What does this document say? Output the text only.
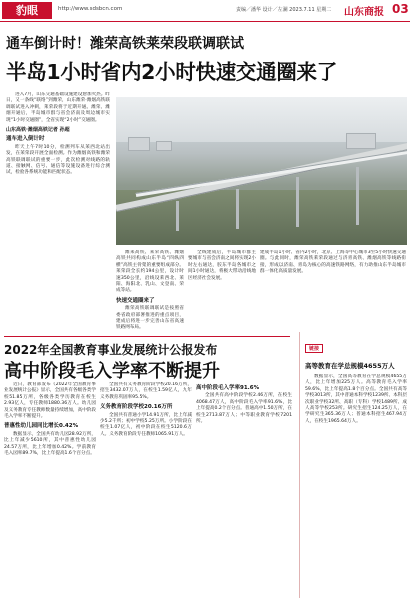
豹眼	http://www.sdsbcn.com	责编／潘华 设计／左澜 2023.7.11 星期二 山东商报 03
通车倒计时！潍荣高铁莱荣段联调联试
半岛1小时省内2小时快速交通圈来了

进入7月，山东交通基础设施建设愈加火热。昨日，又一条线“联络”到潍荣，山东潍荣·潍烟高铁联调联试进入冲刺，莱荣段将于近期开通。潍荣、潍烟开通后，半岛城市群与省会济南及周边城市实现“1小时交通圈”，全省实现“2小时”交通圈。

山东高铁·潍烟高铁记者 孙超

通车进入倒计时

昨天上午7时10分，检测列车从莱西北站出发，在莱荣段开展全面检测。作为潍烟高铁和潍荣高铁联调联试的重要一步，此次检测对线路的轨道、接触网、信号、通信等设施设备进行综合测试，检验各系统功能和匹配状态。

潍莱高铁、莱荣高铁、潍烟高铁共同构成山东半岛“四纵四横”高铁主骨架的重要组成部分。莱荣段全长约194公里，设计时速350公里，沿线设莱西北、莱阳、海阳北、乳山、文登南、荣成等站。

快速交通圈来了

潍荣高铁联调联试是按照省委省政府部署推进的重点项目，建成后将进一步完善山东省高速铁路网布局。

全线建成后，半岛城市群主要城市与省会济南之间将实现2小时左右通达，胶东半岛各城市之间1小时通达，将极大带动沿线地区经济社会发展。

建成半岛1小时、省内2小时，北京、上海等中心城市3至5小时快速交通圈。与此同时，潍荣高铁莱荣段通过与济青高铁、潍烟高铁等线路衔接，形成以济南、青岛为核心的高速铁路网络，有力助推山东半岛城市群一体化高质量发展。

2022年全国教育事业发展统计公报发布
高中阶段毛入学率不断提升

近日，教育部发布《2022年全国教育事业发展统计公报》显示，全国共有各级各类学校51.85万所，各级各类学历教育在校生2.93亿人，专任教师1880.36万人。幼儿园及义务教育专任教师数量持续增加，高中阶段毛入学率不断提升。

普惠性幼儿园同比增长0.42%

数据显示，全国共有幼儿园28.92万所，比上年减少5610所，其中普惠性幼儿园24.57万所，比上年增加0.42%。学前教育毛入园率89.7%，比上年提高1.6个百分点。

全国共有义务教育阶段学校20.16万所，招生3432.07万人，在校生1.59亿人，九年义务教育巩固率95.5%。

义务教育阶段学校20.16万所

全国共有普通小学14.91万所，比上年减少5.2千所；初中学校5.25万所。小学阶段在校生1.07亿人，初中阶段在校生5120.6万人。义务教育阶段专任教师1065.91万人。

高中阶段毛入学率91.6%

全国共有高中阶段学校2.46万所，在校生4068.47万人，高中阶段毛入学率91.6%，比上年提高0.2个百分点。普通高中1.50万所，在校生2713.87万人；中等职业教育学校7201所。

链接

高等教育在学总规模4655万人

数据显示，全国高等教育在学总规模4655万人，比上年增加225万人。高等教育毛入学率59.6%，比上年提高1.8个百分点。全国共有高等学校3013所，其中普通本科学校1239所、本科层次职业学校32所、高职（专科）学校1489所、成人高等学校253所。研究生招生124.25万人，在学研究生365.36万人；普通本科招生467.94万人，在校生1965.64万人。
